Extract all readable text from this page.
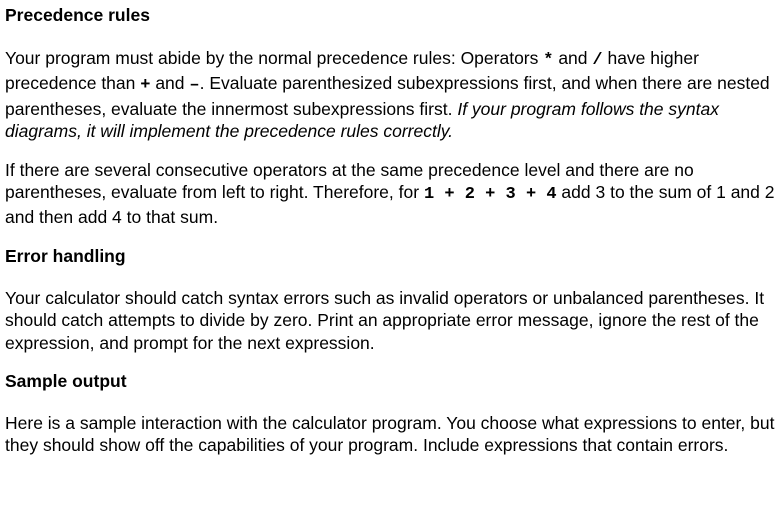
Precedence rules

Your program must abide by the normal precedence rules: Operators * and / have higher precedence than + and –. Evaluate parenthesized subexpressions first, and when there are nested parentheses, evaluate the innermost subexpressions first. If your program follows the syntax diagrams, it will implement the precedence rules correctly.

If there are several consecutive operators at the same precedence level and there are no parentheses, evaluate from left to right. Therefore, for 1 + 2 + 3 + 4 add 3 to the sum of 1 and 2 and then add 4 to that sum.

Error handling

Your calculator should catch syntax errors such as invalid operators or unbalanced parentheses. It should catch attempts to divide by zero. Print an appropriate error message, ignore the rest of the expression, and prompt for the next expression.

Sample output

Here is a sample interaction with the calculator program. You choose what expressions to enter, but they should show off the capabilities of your program. Include expressions that contain errors.
